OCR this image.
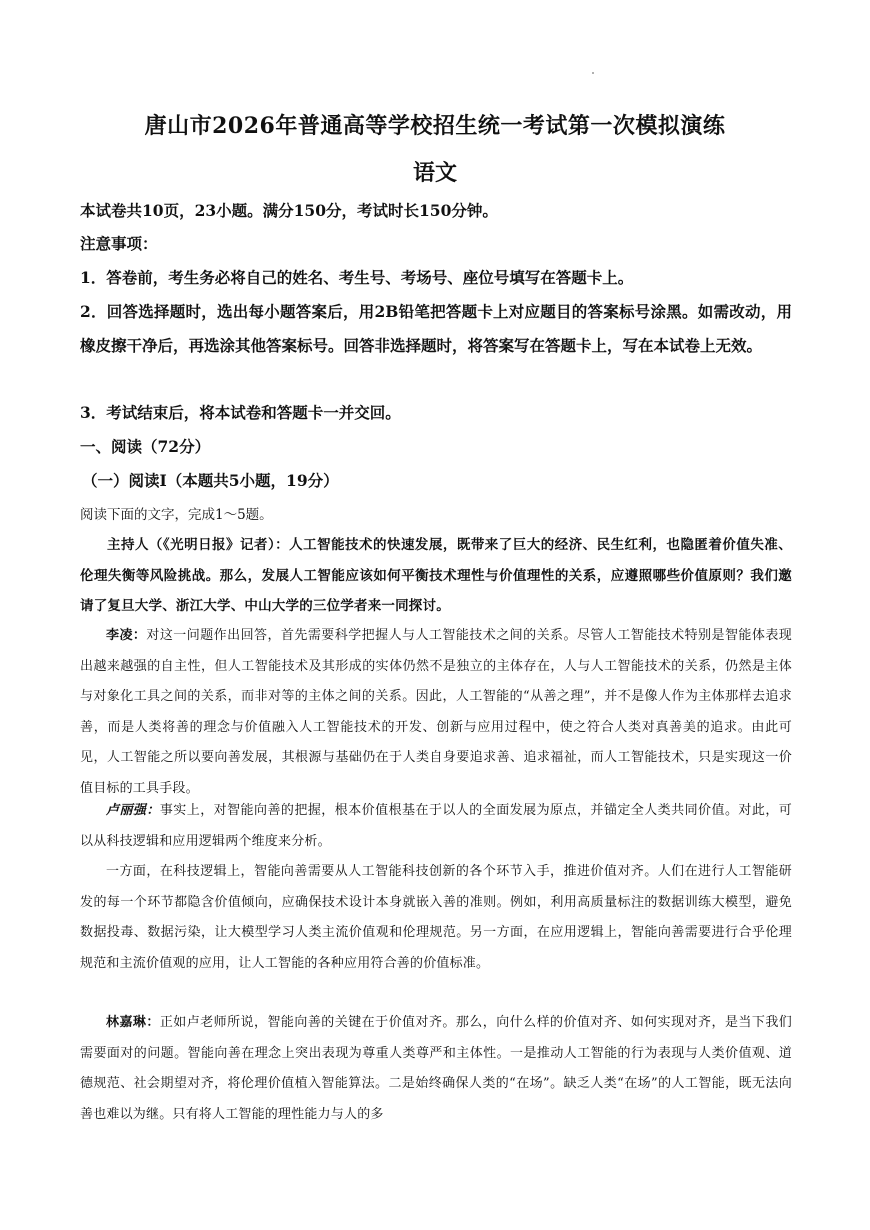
唐山市2026年普通高等学校招生统一考试第一次模拟演练
语文
本试卷共10页，23小题。满分150分，考试时长150分钟。
注意事项：
1．答卷前，考生务必将自己的姓名、考生号、考场号、座位号填写在答题卡上。
2．回答选择题时，选出每小题答案后，用2B铅笔把答题卡上对应题目的答案标号涂黑。如需改动，用橡皮擦干净后，再选涂其他答案标号。回答非选择题时，将答案写在答题卡上，写在本试卷上无效。
3．考试结束后，将本试卷和答题卡一并交回。
一、阅读（72分）
（一）阅读Ⅰ（本题共5小题，19分）
阅读下面的文字，完成1～5题。
主持人（《光明日报》记者）：人工智能技术的快速发展，既带来了巨大的经济、民生红利，也隐匿着价值失准、伦理失衡等风险挑战。那么，发展人工智能应该如何平衡技术理性与价值理性的关系，应遵照哪些价值原则？我们邀请了复旦大学、浙江大学、中山大学的三位学者来一同探讨。
李凌：对这一问题作出回答，首先需要科学把握人与人工智能技术之间的关系。尽管人工智能技术特别是智能体表现出越来越强的自主性，但人工智能技术及其形成的实体仍然不是独立的主体存在，人与人工智能技术的关系，仍然是主体与对象化工具之间的关系，而非对等的主体之间的关系。因此，人工智能的“从善之理”，并不是像人作为主体那样去追求善，而是人类将善的理念与价值融入人工智能技术的开发、创新与应用过程中，使之符合人类对真善美的追求。由此可见，人工智能之所以要向善发展，其根源与基础仍在于人类自身要追求善、追求福祉，而人工智能技术，只是实现这一价值目标的工具手段。
卢丽强：事实上，对智能向善的把握，根本价值根基在于以人的全面发展为原点，并锚定全人类共同价值。对此，可以从科技逻辑和应用逻辑两个维度来分析。
一方面，在科技逻辑上，智能向善需要从人工智能科技创新的各个环节入手，推进价值对齐。人们在进行人工智能研发的每一个环节都隐含价值倾向，应确保技术设计本身就嵌入善的准则。例如，利用高质量标注的数据训练大模型，避免数据投毒、数据污染，让大模型学习人类主流价值观和伦理规范。另一方面，在应用逻辑上，智能向善需要进行合乎伦理规范和主流价值观的应用，让人工智能的各种应用符合善的价值标准。
林嘉琳：正如卢老师所说，智能向善的关键在于价值对齐。那么，向什么样的价值对齐、如何实现对齐，是当下我们需要面对的问题。智能向善在理念上突出表现为尊重人类尊严和主体性。一是推动人工智能的行为表现与人类价值观、道德规范、社会期望对齐，将伦理价值植入智能算法。二是始终确保人类的“在场”。缺乏人类“在场”的人工智能，既无法向善也难以为继。只有将人工智能的理性能力与人的多
